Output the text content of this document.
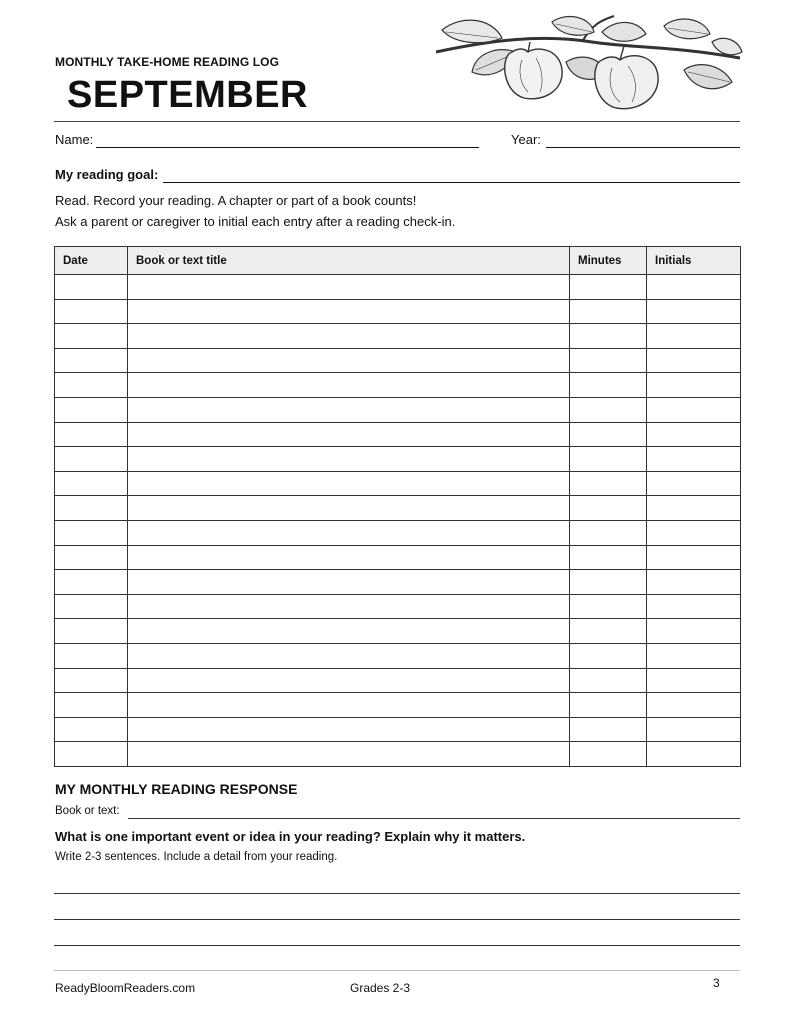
MONTHLY TAKE-HOME READING LOG
SEPTEMBER
Name:	Year:
My reading goal:
Read. Record your reading. A chapter or part of a book counts!
Ask a parent or caregiver to initial each entry after a reading check-in.
Date	Book or text title	Minutes	Initials

MY MONTHLY READING RESPONSE
Book or text:
What is one important event or idea in your reading? Explain why it matters.
Write 2-3 sentences. Include a detail from your reading.
ReadyBloomReaders.com	Grades 2-3	3
